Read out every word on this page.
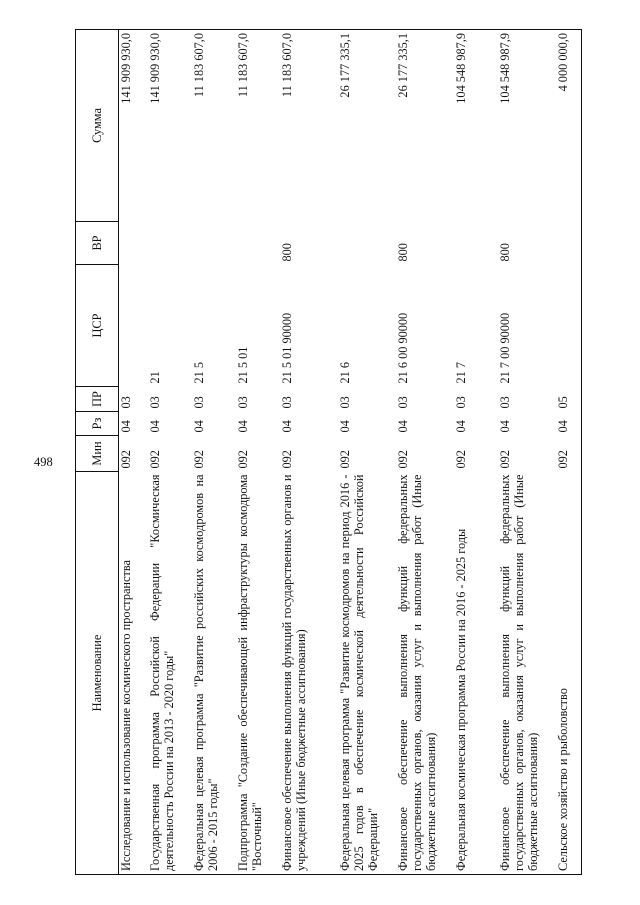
498
Наименование	Мин	Рз	ПР	ЦСР	ВР	Сумма
Исследование и использование космического пространства	092	04	03			141 909 930,0
Государственная программа Российской Федерации "Космическая деятельность России на 2013 - 2020 годы"	092	04	03	21		141 909 930,0
Федеральная целевая программа "Развитие российских космодромов на 2006 - 2015 годы"	092	04	03	21 5		11 183 607,0
Подпрограмма "Создание обеспечивающей инфраструктуры космодрома "Восточный"	092	04	03	21 5 01		11 183 607,0
Финансовое обеспечение выполнения функций государственных органов и учреждений (Иные бюджетные ассигнования)	092	04	03	21 5 01 90000	800	11 183 607,0
Федеральная целевая программа "Развитие космодромов на период 2016 - 2025 годов в обеспечение космической деятельности Российской Федерации"	092	04	03	21 6		26 177 335,1
Финансовое обеспечение выполнения функций федеральных государственных органов, оказания услуг и выполнения работ (Иные бюджетные ассигнования)	092	04	03	21 6 00 90000	800	26 177 335,1
Федеральная космическая программа России на 2016 - 2025 годы	092	04	03	21 7		104 548 987,9
Финансовое обеспечение выполнения функций федеральных государственных органов, оказания услуг и выполнения работ (Иные бюджетные ассигнования)	092	04	03	21 7 00 90000	800	104 548 987,9
Сельское хозяйство и рыболовство	092	04	05			4 000 000,0
